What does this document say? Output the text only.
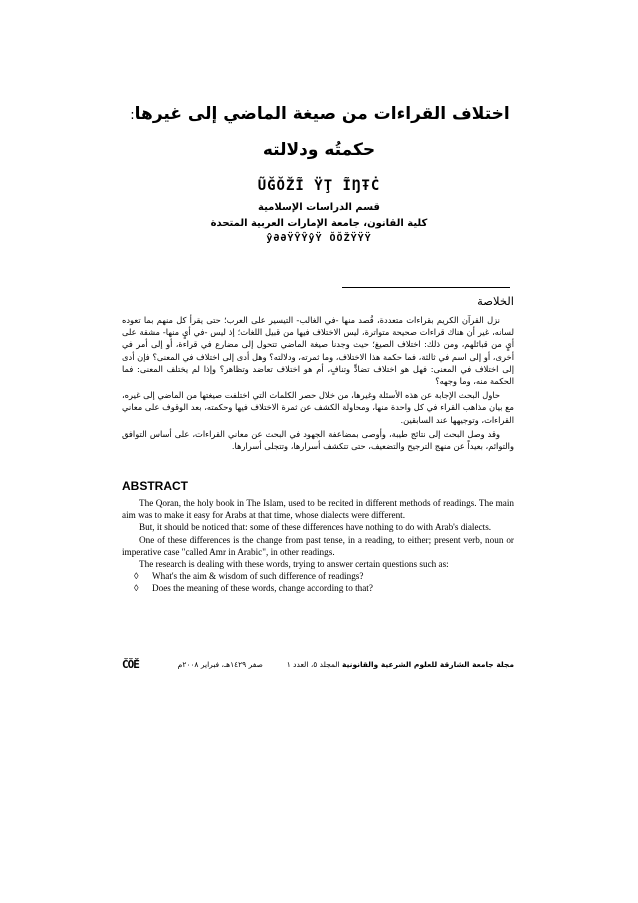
اختلاف القراءات من صيغة الماضي إلى غيرها:
حكمتُه ودلالته
ŨĞŎŽĨ ŸŢ ĨŊŦĊ
قسم الدراسات الإسلامية
كلية القانون، جامعة الإمارات العربية المتحدة
ŷƏƏŸŶŶŷŸ ŎŎŽŸŸŸ
الخلاصة

نزل القرآن الكريم بقراءات متعددة، قُصد منها -في الغالب- التيسير على العرب؛ حتى يقرأ كل منهم بما تعوده لسانه، غير أن هناك قراءات صحيحة متواترة، ليس الاختلاف فيها من قبيل اللغات؛ إذ ليس -في أيٍ منها- مشقة على أيٍ من قبائلهم، ومن ذلك: اختلاف الصيغ؛ حيث وجدنا صيغة الماضي تتحول إلى مضارع في قراءة، أو إلى أمر في أخرى، أو إلى اسم في ثالثة، فما حكمة هذا الاختلاف، وما ثمرته، ودلالته؟ وهل أدى إلى اختلاف في المعنى؟ فإن أدى إلى اختلاف في المعنى: فهل هو اختلاف تضادٍّ وتنافٍ، أم هو اختلاف تعاضد وتظاهر؟ وإذا لم يختلف المعنى: فما الحكمة منه، وما وجهه؟

حاول البحث الإجابة عن هذه الأسئلة وغيرها، من خلال حصر الكلمات التي اختلفت صيغتها من الماضي إلى غيره، مع بيان مذاهب القراء في كل واحدة منها، ومحاولة الكشف عن ثمرة الاختلاف فيها وحكمته، بعد الوقوف على معاني القراءات، وتوجيهها عند السابقين.

وقد وصل البحث إلى نتائج طيبة، وأوصى بمضاعفة الجهود في البحث عن معاني القراءات، على أساس التوافق والتوائم، بعيداً عن منهج الترجيح والتضعيف، حتى تتكشف أسرارها، وتتجلى أسرارها.

ABSTRACT

The Qoran, the holy book in The Islam, used to be recited in different methods of readings. The main aim was to make it easy for Arabs at that time, whose dialects were different.

But, it should be noticed that: some of these differences have nothing to do with Arab's dialects.

One of these differences is the change from past tense, in a reading, to either; present verb, noun or imperative case "called Amr in Arabic", in other readings.

The research is dealing with these words, trying to answer certain questions such as:

◊	What's the aim & wisdom of such difference of readings?
◊	Does the meaning of these words, change according to that?
ČŎĚ	مجلة جامعة الشارقة للعلوم الشرعية والقانونية المجلد ٥، العدد ١          صفر ١٤٢٩هـ، فبراير ٢٠٠٨م
